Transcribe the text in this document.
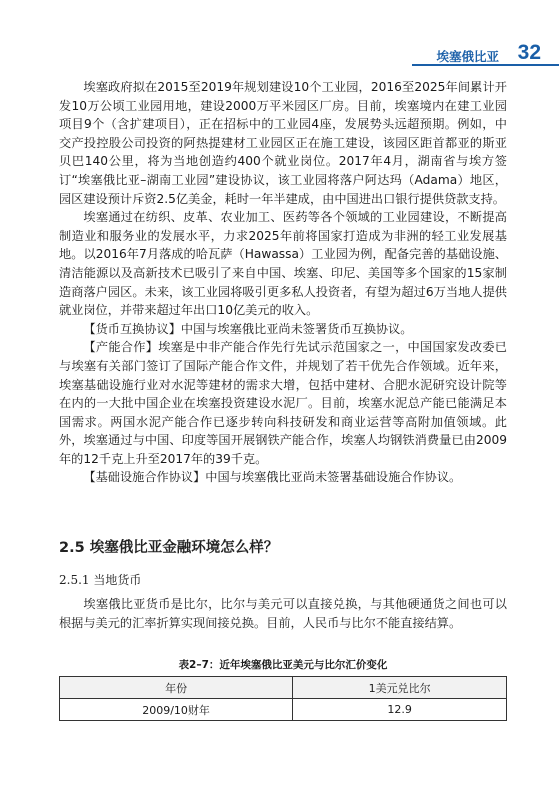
埃塞俄比亚 32

埃塞政府拟在2015至2019年规划建设10个工业园，2016至2025年间累计开发10万公顷工业园用地，建设2000万平米园区厂房。目前，埃塞境内在建工业园项目9个（含扩建项目），正在招标中的工业园4座，发展势头远超预期。例如，中交产投控股公司投资的阿热提建材工业园区正在施工建设，该园区距首都亚的斯亚贝巴140公里，将为当地创造约400个就业岗位。2017年4月，湖南省与埃方签订“埃塞俄比亚–湖南工业园”建设协议，该工业园将落户阿达玛（Adama）地区，园区建设预计斥资2.5亿美金，耗时一年半建成，由中国进出口银行提供贷款支持。

埃塞通过在纺织、皮革、农业加工、医药等各个领域的工业园建设，不断提高制造业和服务业的发展水平，力求2025年前将国家打造成为非洲的轻工业发展基地。以2016年7月落成的哈瓦萨（Hawassa）工业园为例，配备完善的基础设施、清洁能源以及高新技术已吸引了来自中国、埃塞、印尼、美国等多个国家的15家制造商落户园区。未来，该工业园将吸引更多私人投资者，有望为超过6万当地人提供就业岗位，并带来超过年出口10亿美元的收入。

【货币互换协议】中国与埃塞俄比亚尚未签署货币互换协议。

【产能合作】埃塞是中非产能合作先行先试示范国家之一，中国国家发改委已与埃塞有关部门签订了国际产能合作文件，并规划了若干优先合作领域。近年来，埃塞基础设施行业对水泥等建材的需求大增，包括中建材、合肥水泥研究设计院等在内的一大批中国企业在埃塞投资建设水泥厂。目前，埃塞水泥总产能已能满足本国需求。两国水泥产能合作已逐步转向科技研发和商业运营等高附加值领域。此外，埃塞通过与中国、印度等国开展钢铁产能合作，埃塞人均钢铁消费量已由2009年的12千克上升至2017年的39千克。

【基础设施合作协议】中国与埃塞俄比亚尚未签署基础设施合作协议。

2.5 埃塞俄比亚金融环境怎么样？
2.5.1 当地货币

埃塞俄比亚货币是比尔，比尔与美元可以直接兑换，与其他硬通货之间也可以根据与美元的汇率折算实现间接兑换。目前，人民币与比尔不能直接结算。

表2–7：近年埃塞俄比亚美元与比尔汇价变化
年份	1美元兑比尔
2009/10财年	12.9
